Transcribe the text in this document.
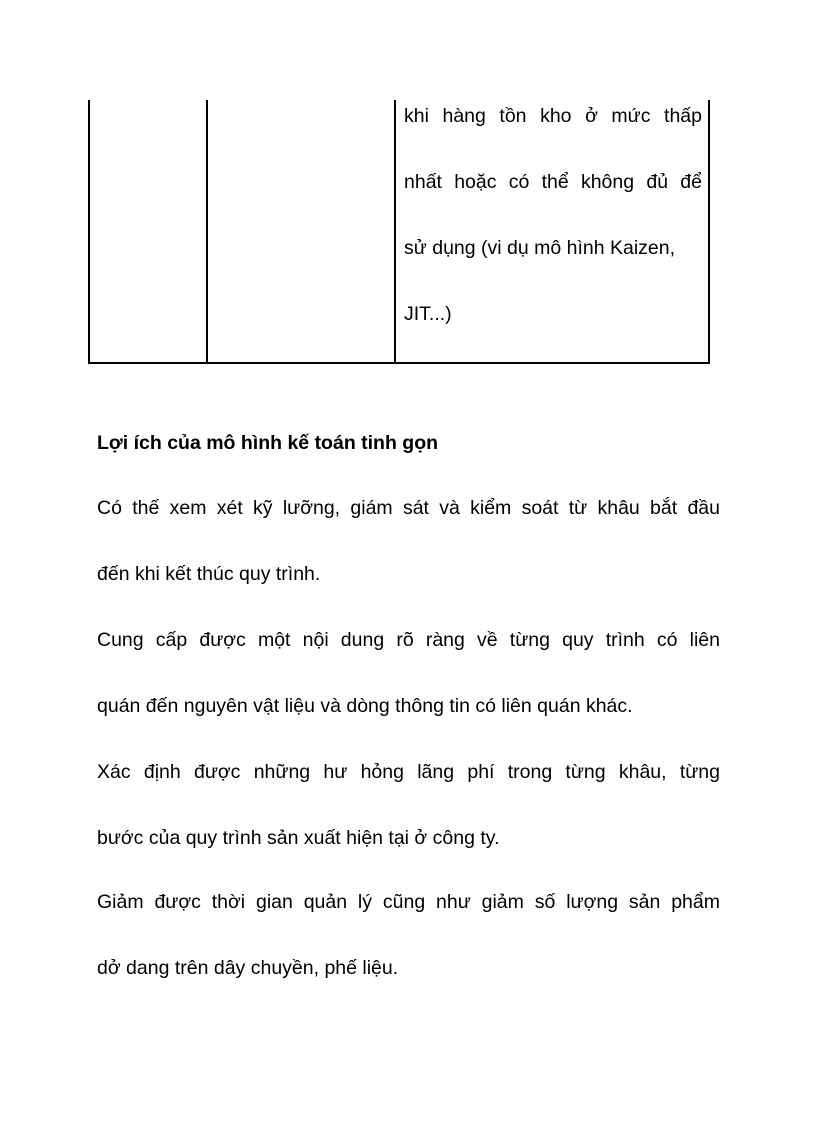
khi hàng tồn kho ở mức thấp
nhất hoặc có thể không đủ để
sử dụng (vi dụ mô hình Kaizen,
JIT...)
Lợi ích của mô hình kế toán tinh gọn
Có thế xem xét kỹ lưỡng, giám sát và kiểm soát từ khâu bắt đầu
đến khi kết thúc quy trình.
Cung cấp được một nội dung rõ ràng về từng quy trình có liên
quán đến nguyên vật liệu và dòng thông tin có liên quán khác.
Xác định được những hư hỏng lãng phí trong từng khâu, từng
bước của quy trình sản xuất hiện tại ở công ty.
Giảm được thời gian quản lý cũng như giảm số lượng sản phẩm
dở dang trên dây chuyền, phế liệu.
